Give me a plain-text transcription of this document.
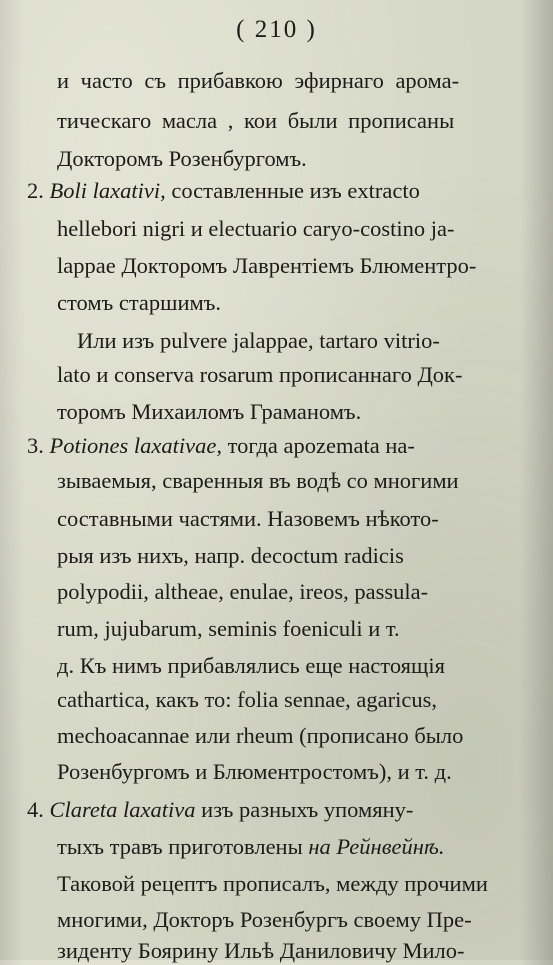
( 210 )
и часто съ прибавкою эфирнаго арома-
тическаго масла , кои были прописаны
Докторомъ Розенбургомъ.
2. Boli laxativi, составленные изъ extracto
hellebori nigri и electuario caryo-costino ja-
lappae Докторомъ Лаврентіемъ Блюментро-
стомъ старшимъ.
Или изъ pulvere jalappae, tartaro vitrio-
lato и conserva rosarum прописаннаго Док-
торомъ Михаиломъ Граманомъ.
3. Potiones laxativae, тогда apozemata на-
зываемыя, сваренныя въ водѣ со многими
составными частями. Назовемъ нѣкото-
рыя изъ нихъ, напр. decoctum radicis
polypodii, altheae, enulae, ireos, passula-
rum, jujubarum, seminis foeniculi и т.
д. Къ нимъ прибавлялись еще настоящія
cathartica, какъ то: folia sennae, agaricus,
mechoacannae или rheum (прописано было
Розенбургомъ и Блюментростомъ), и т. д.
4. Clareta laxativa изъ разныхъ упомяну-
тыхъ травъ приготовлены на Рейнвейнѣ.
Таковой рецептъ прописалъ, между прочими
многими, Докторъ Розенбургъ своему Пре-
зиденту Боярину Ильѣ Даниловичу Мило-
